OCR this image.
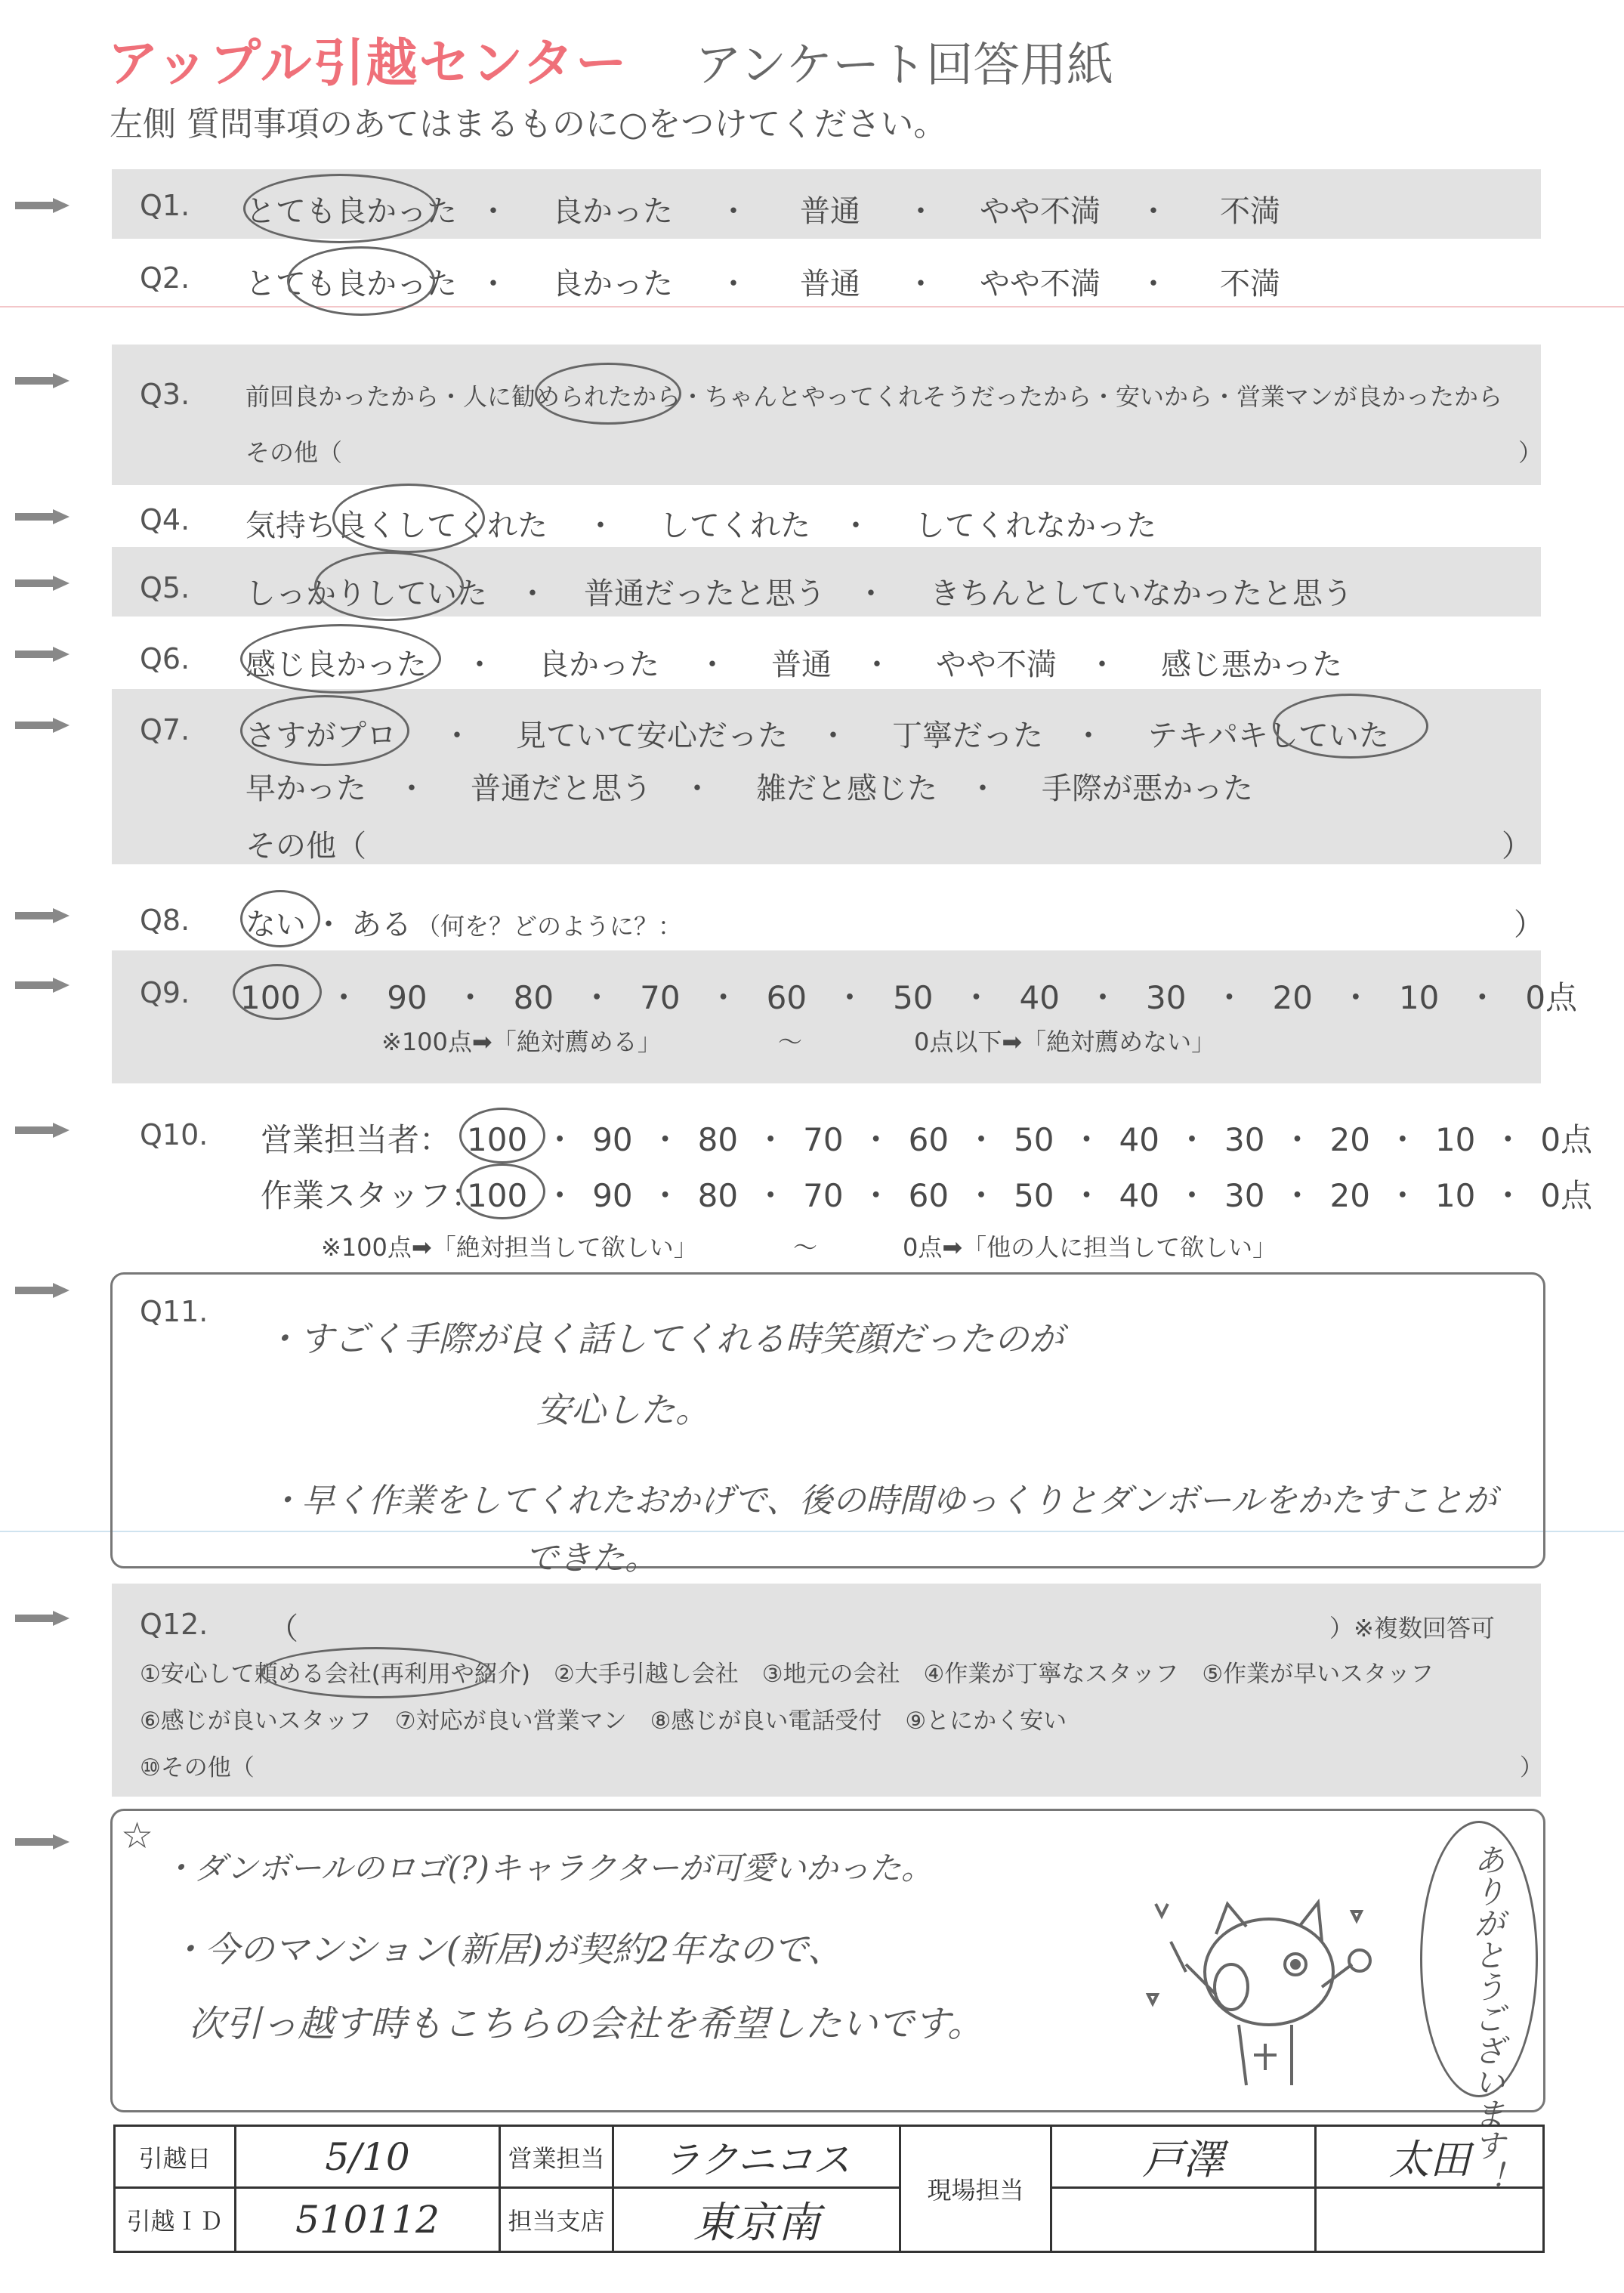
アップル引越センター アンケート回答用紙
左側 質問事項のあてはまるものに○をつけてください。
Q1. とても良かった ・ 良かった ・ 普通 ・ やや不満 ・ 不満
Q2. とても良かった ・ 良かった ・ 普通 ・ やや不満 ・ 不満
Q3. 前回良かったから・人に勧められたから・ちゃんとやってくれそうだったから・安いから・営業マンが良かったから
その他（	）
Q4. 気持ち良くしてくれた ・ してくれた ・ してくれなかった
Q5. しっかりしていた ・ 普通だったと思う ・ きちんとしていなかったと思う
Q6. 感じ良かった ・ 良かった ・ 普通 ・ やや不満 ・ 感じ悪かった
Q7. さすがプロ ・ 見ていて安心だった ・ 丁寧だった ・ テキパキしていた
早かった ・ 普通だと思う ・ 雑だと感じた ・ 手際が悪かった
その他（	）
Q8. ない ・ ある （何を？どのように？：	）
Q9. 100 ・ 90 ・ 80 ・ 70 ・ 60 ・ 50 ・ 40 ・ 30 ・ 20 ・ 10 ・ 0点
※100点➡「絶対薦める」	～	0点以下➡「絶対薦めない」
Q10. 営業担当者： 100 ・ 90 ・ 80 ・ 70 ・ 60 ・ 50 ・ 40 ・ 30 ・ 20 ・ 10 ・ 0点
作業スタッフ：
100 ・ 90 ・ 80 ・ 70 ・ 60 ・ 50 ・ 40 ・ 30 ・ 20 ・ 10 ・ 0点
※100点➡「絶対担当して欲しい」	～	0点➡「他の人に担当して欲しい」
Q11.
・すごく手際が良く話してくれる時笑顔だったのが
安心した。
・早く作業をしてくれたおかげで、後の時間ゆっくりとダンボールをかたすことが
できた。
Q12. （	）※複数回答可
①安心して頼める会社(再利用や紹介)　②大手引越し会社　③地元の会社　④作業が丁寧なスタッフ　⑤作業が早いスタッフ
⑥感じが良いスタッフ　⑦対応が良い営業マン　⑧感じが良い電話受付　⑨とにかく安い
⑩その他（	）
☆
・ダンボールのロゴ(?)キャラクターが可愛いかった。
・今のマンション(新居)が契約2年なので、
次引っ越す時もこちらの会社を希望したいです。	ありがとうございます！
引越日	5/10	営業担当	ラクニコス	現場担当	戸澤	太田
引越ＩＤ	510112	担当支店	東京南			
